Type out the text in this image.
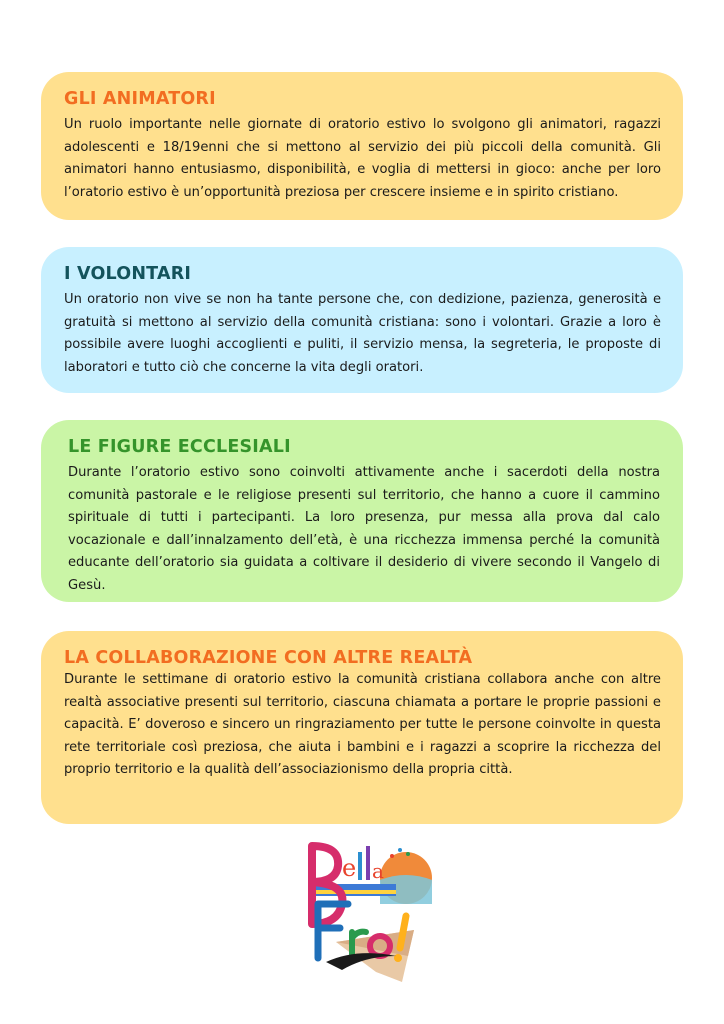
GLI ANIMATORI

Un ruolo importante nelle giornate di oratorio estivo lo svolgono gli animatori, ragazzi adolescenti e 18/19enni che si mettono al servizio dei più piccoli della comunità. Gli animatori hanno entusiasmo, disponibilità, e voglia di mettersi in gioco: anche per loro l’oratorio estivo è un’opportunità preziosa per crescere insieme e in spirito cristiano.

I VOLONTARI

Un oratorio non vive se non ha tante persone che, con dedizione, pazienza, generosità e gratuità si mettono al servizio della comunità cristiana: sono i volontari. Grazie a loro è possibile avere luoghi accoglienti e puliti, il servizio mensa, la segreteria, le proposte di laboratori e tutto ciò che concerne la vita degli oratori.

LE FIGURE ECCLESIALI

Durante l’oratorio estivo sono coinvolti attivamente anche i sacerdoti della nostra comunità pastorale e le religiose presenti sul territorio, che hanno a cuore il cammino spirituale di tutti i partecipanti. La loro presenza, pur messa alla prova dal calo vocazionale e dall’innalzamento dell’età, è una ricchezza immensa perché la comunità educante dell’oratorio sia guidata a coltivare il desiderio di vivere secondo il Vangelo di Gesù.

LA COLLABORAZIONE CON ALTRE REALTÀ

Durante le settimane di oratorio estivo la comunità cristiana collabora anche con altre realtà associative presenti sul territorio, ciascuna chiamata a portare le proprie passioni e capacità. E’ doveroso e sincero un ringraziamento per tutte le persone coinvolte in questa rete territoriale così preziosa, che aiuta i bambini e i ragazzi a scoprire la ricchezza del proprio territorio e la qualità dell’associazionismo della propria città.

e a
